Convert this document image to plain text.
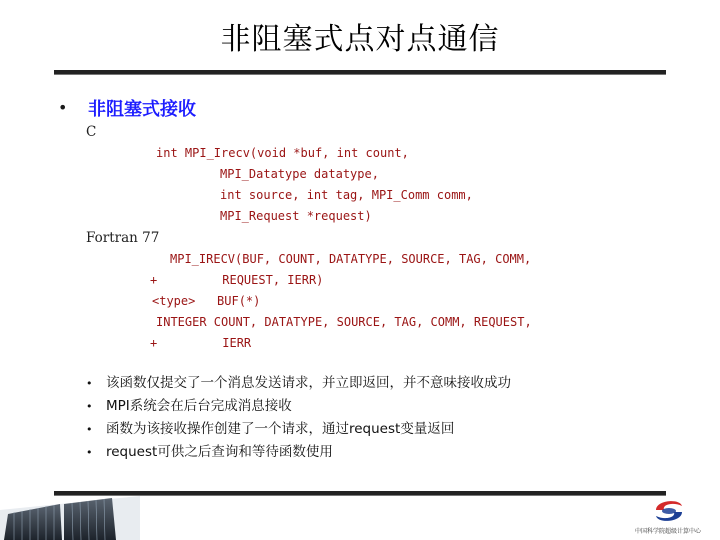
非阻塞式点对点通信
• 非阻塞式接收
C
int MPI_Irecv(void *buf, int count,
MPI_Datatype datatype,
int source, int tag, MPI_Comm comm,
MPI_Request *request)
Fortran 77
MPI_IRECV(BUF, COUNT, DATATYPE, SOURCE, TAG, COMM,
+         REQUEST, IERR)
<type>   BUF(*)
INTEGER COUNT, DATATYPE, SOURCE, TAG, COMM, REQUEST,
+         IERR
•	该函数仅提交了一个消息发送请求，并立即返回，并不意味接收成功
•	MPI系统会在后台完成消息接收
•	函数为该接收操作创建了一个请求，通过request变量返回
•	request可供之后查询和等待函数使用
中国科学院超级计算中心
